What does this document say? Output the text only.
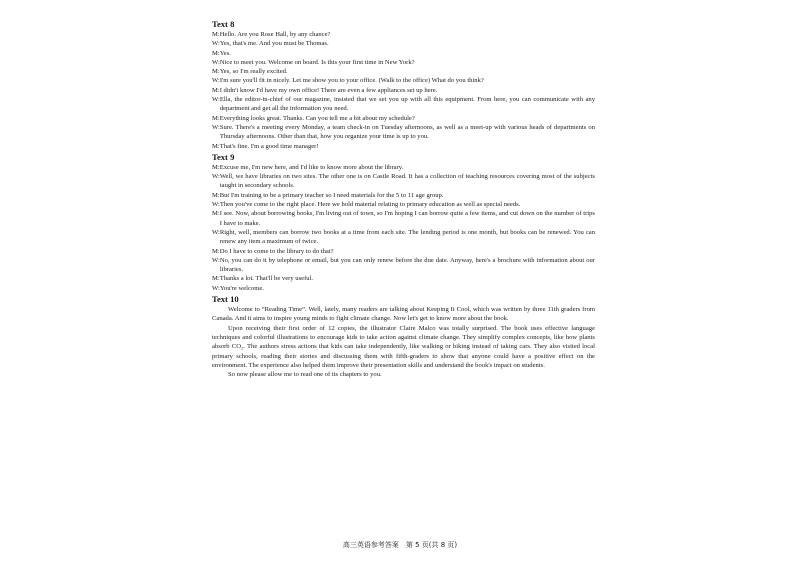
Text 8
M: Hello. Are you Rose Hall, by any chance?
W: Yes, that's me. And you must be Thomas.
M: Yes.
W: Nice to meet you. Welcome on board. Is this your first time in New York?
M: Yes, so I'm really excited.
W: I'm sure you'll fit in nicely. Let me show you to your office. (Walk to the office) What do you think?
M: I didn't know I'd have my own office! There are even a few appliances set up here.
W: Ella, the editor-in-chief of our magazine, insisted that we set you up with all this equipment. From here, you can communicate with any department and get all the information you need.
M: Everything looks great. Thanks. Can you tell me a bit about my schedule?
W: Sure. There's a meeting every Monday, a team check-in on Tuesday afternoons, as well as a meet-up with various heads of departments on Thursday afternoons. Other than that, how you organize your time is up to you.
M: That's fine. I'm a good time manager!
Text 9
M: Excuse me, I'm new here, and I'd like to know more about the library.
W: Well, we have libraries on two sites. The other one is on Castle Road. It has a collection of teaching resources covering most of the subjects taught in secondary schools.
M: But I'm training to be a primary teacher so I need materials for the 5 to 11 age group.
W: Then you've come to the right place. Here we hold material relating to primary education as well as special needs.
M: I see. Now, about borrowing books, I'm living out of town, so I'm hoping I can borrow quite a few items, and cut down on the number of trips I have to make.
W: Right, well, members can borrow two books at a time from each site. The lending period is one month, but books can be renewed. You can renew any item a maximum of twice.
M: Do I have to come to the library to do that?
W: No, you can do it by telephone or email, but you can only renew before the due date. Anyway, here's a brochure with information about our libraries.
M: Thanks a lot. That'll be very useful.
W: You're welcome.
Text 10

Welcome to “Reading Time”. Well, lately, many readers are talking about Keeping It Cool, which was written by three 11th graders from Canada. And it aims to inspire young minds to fight climate change. Now let's get to know more about the book.

Upon receiving their first order of 12 copies, the illustrator Claire Malco was totally surprised. The book uses effective language techniques and colorful illustrations to encourage kids to take action against climate change. They simplify complex concepts, like how plants absorb CO₂. The authors stress actions that kids can take independently, like walking or biking instead of taking cars. They also visited local primary schools, reading their stories and discussing them with fifth-graders to show that anyone could have a positive effect on the environment. The experience also helped them improve their presentation skills and understand the book's impact on students.

So now please allow me to read one of its chapters to you.

高三英语参考答案　第 5 页(共 8 页)
